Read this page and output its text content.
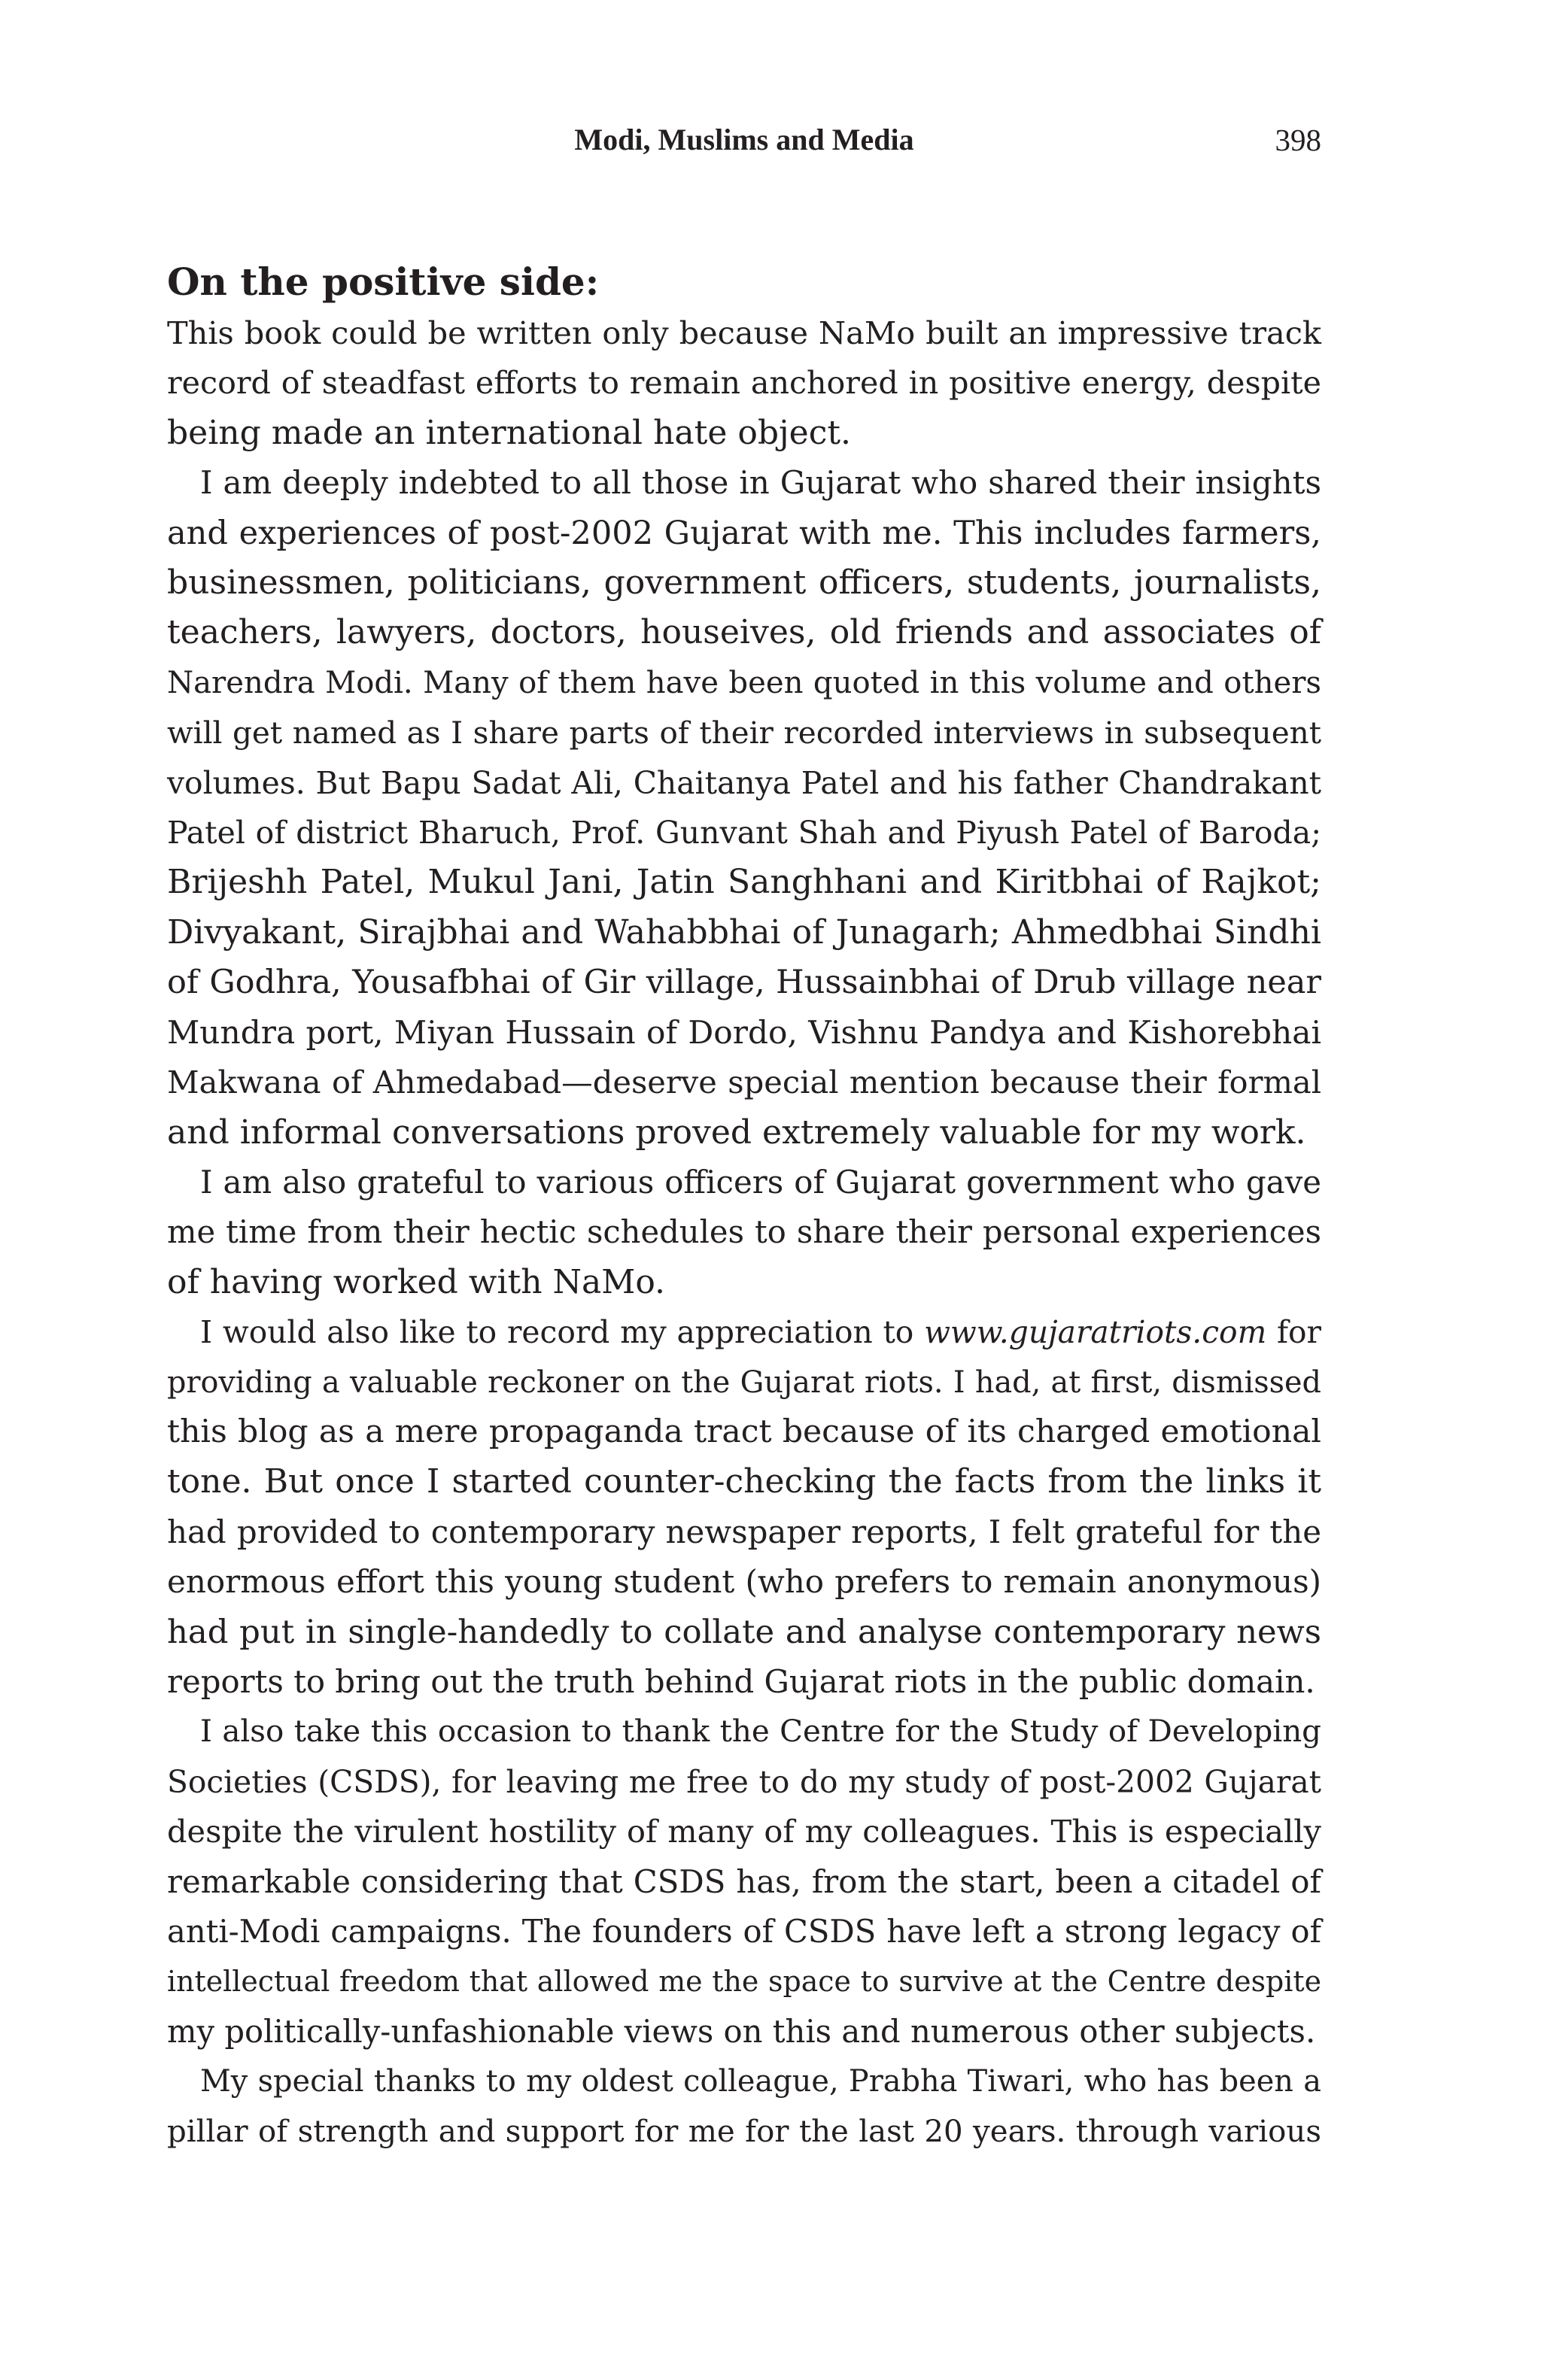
Modi, Muslims and Media	398
On the positive side:

This book could be written only because NaMo built an impressive track
record of steadfast efforts to remain anchored in positive energy, despite
being made an international hate object.

I am deeply indebted to all those in Gujarat who shared their insights
and experiences of post-2002 Gujarat with me. This includes farmers,
businessmen, politicians, government officers, students, journalists,
teachers, lawyers, doctors, houseives, old friends and associates of
Narendra Modi. Many of them have been quoted in this volume and others
will get named as I share parts of their recorded interviews in subsequent
volumes. But Bapu Sadat Ali, Chaitanya Patel and his father Chandrakant
Patel of district Bharuch, Prof. Gunvant Shah and Piyush Patel of Baroda;
Brijeshh Patel, Mukul Jani, Jatin Sanghhani and Kiritbhai of Rajkot;
Divyakant, Sirajbhai and Wahabbhai of Junagarh; Ahmedbhai Sindhi
of Godhra, Yousafbhai of Gir village, Hussainbhai of Drub village near
Mundra port, Miyan Hussain of Dordo, Vishnu Pandya and Kishorebhai
Makwana of Ahmedabad—deserve special mention because their formal
and informal conversations proved extremely valuable for my work.

I am also grateful to various officers of Gujarat government who gave
me time from their hectic schedules to share their personal experiences
of having worked with NaMo.

I would also like to record my appreciation to www.gujaratriots.com for
providing a valuable reckoner on the Gujarat riots. I had, at first, dismissed
this blog as a mere propaganda tract because of its charged emotional
tone. But once I started counter-checking the facts from the links it
had provided to contemporary newspaper reports, I felt grateful for the
enormous effort this young student (who prefers to remain anonymous)
had put in single-handedly to collate and analyse contemporary news
reports to bring out the truth behind Gujarat riots in the public domain.

I also take this occasion to thank the Centre for the Study of Developing
Societies (CSDS), for leaving me free to do my study of post-2002 Gujarat
despite the virulent hostility of many of my colleagues. This is especially
remarkable considering that CSDS has, from the start, been a citadel of
anti-Modi campaigns. The founders of CSDS have left a strong legacy of
intellectual freedom that allowed me the space to survive at the Centre despite
my politically-unfashionable views on this and numerous other subjects.

My special thanks to my oldest colleague, Prabha Tiwari, who has been a
pillar of strength and support for me for the last 20 years. through various
